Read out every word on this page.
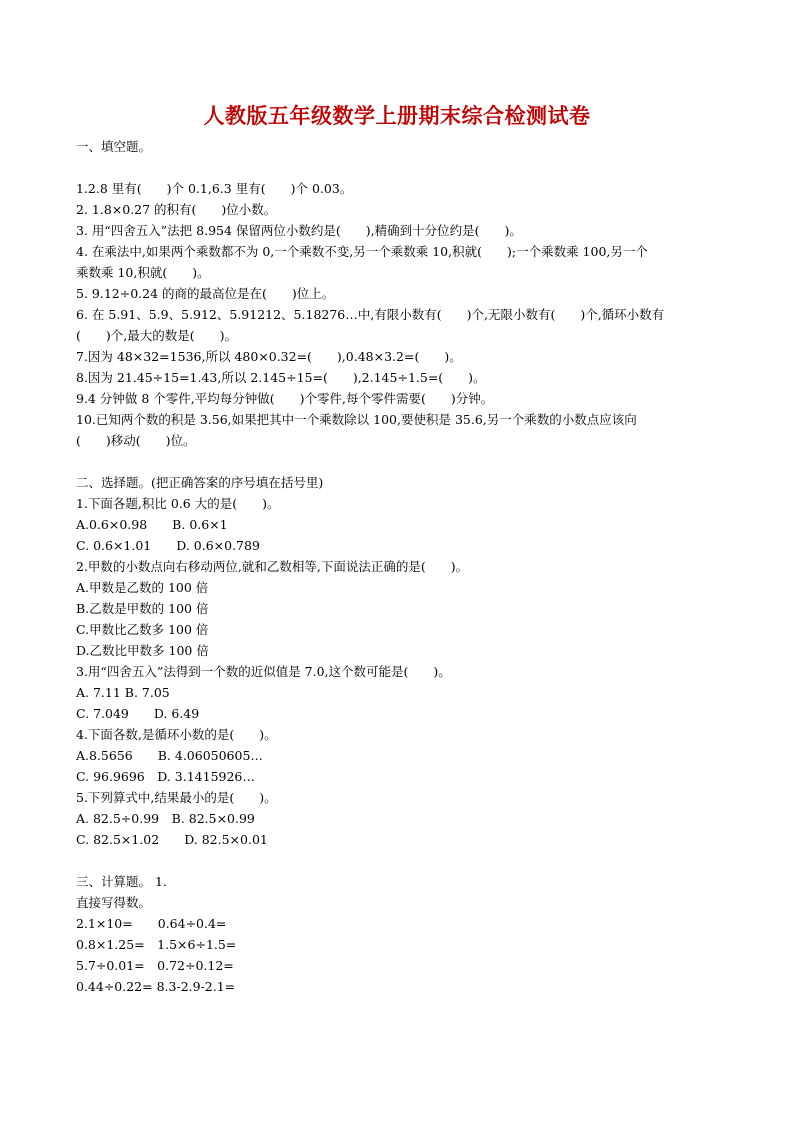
人教版五年级数学上册期末综合检测试卷
一、填空题。
1.2.8 里有(　　)个 0.1,6.3 里有(　　)个 0.03。
2. 1.8×0.27 的积有(　　)位小数。
3. 用“四舍五入”法把 8.954 保留两位小数约是(　　),精确到十分位约是(　　)。
4. 在乘法中,如果两个乘数都不为 0,一个乘数不变,另一个乘数乘 10,积就(　　);一个乘数乘 100,另一个
乘数乘 10,积就(　　)。
5. 9.12÷0.24 的商的最高位是在(　　)位上。
6. 在 5.91、5.9、5.912、5.91212、5.18276…中,有限小数有(　　)个,无限小数有(　　)个,循环小数有
(　　)个,最大的数是(　　)。
7.因为 48×32=1536,所以 480×0.32=(　　),0.48×3.2=(　　)。
8.因为 21.45÷15=1.43,所以 2.145÷15=(　　),2.145÷1.5=(　　)。
9.4 分钟做 8 个零件,平均每分钟做(　　)个零件,每个零件需要(　　)分钟。
10.已知两个数的积是 3.56,如果把其中一个乘数除以 100,要使积是 35.6,另一个乘数的小数点应该向
(　　)移动(　　)位。
二、选择题。(把正确答案的序号填在括号里)
1.下面各题,积比 0.6 大的是(　　)。
A.0.6×0.98　　B. 0.6×1
C. 0.6×1.01　　D. 0.6×0.789
2.甲数的小数点向右移动两位,就和乙数相等,下面说法正确的是(　　)。
A.甲数是乙数的 100 倍
B.乙数是甲数的 100 倍
C.甲数比乙数多 100 倍
D.乙数比甲数多 100 倍
3.用“四舍五入”法得到一个数的近似值是 7.0,这个数可能是(　　)。
A. 7.11 B. 7.05
C. 7.049　　D. 6.49
4.下面各数,是循环小数的是(　　)。
A.8.5656　　B. 4.06050605…
C. 96.9696　D. 3.1415926…
5.下列算式中,结果最小的是(　　)。
A. 82.5÷0.99　B. 82.5×0.99
C. 82.5×1.02　　D. 82.5×0.01
三、计算题。 1.
直接写得数。
2.1×10=　　0.64÷0.4=
0.8×1.25=　1.5×6÷1.5=
5.7÷0.01=　0.72÷0.12=
0.44÷0.22= 8.3-2.9-2.1=
